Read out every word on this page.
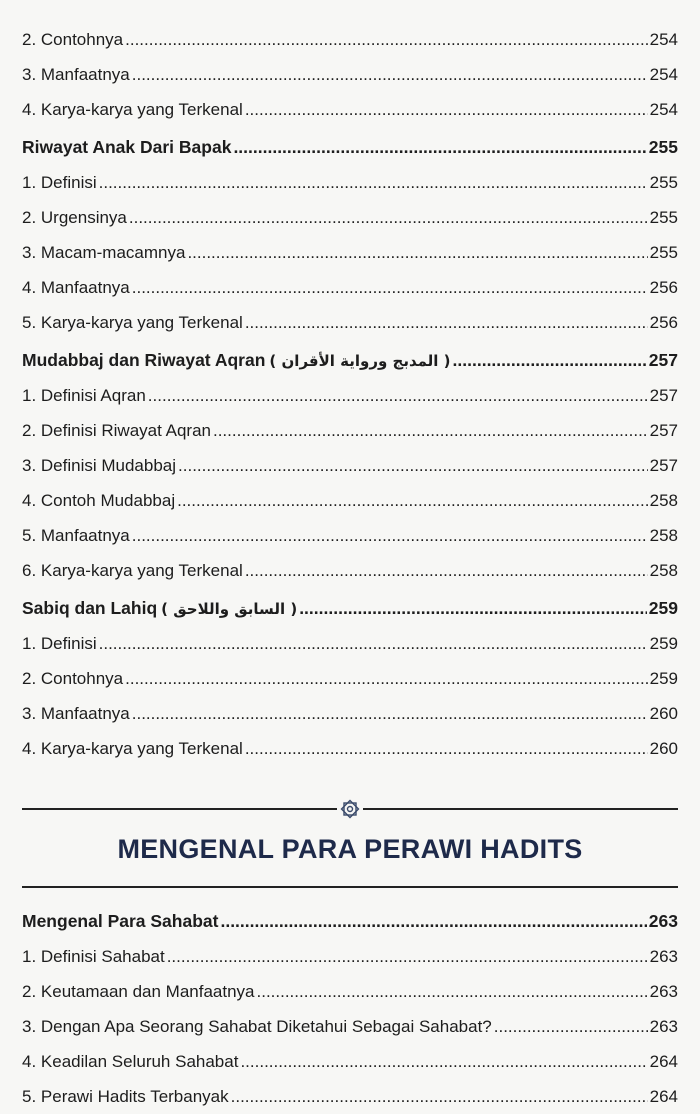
2. Contohnya .....	254
3. Manfaatnya .....	254
4. Karya-karya yang Terkenal .....	254
Riwayat Anak Dari Bapak .....	255
1. Definisi .....	255
2. Urgensinya .....	255
3. Macam-macamnya .....	255
4. Manfaatnya .....	256
5. Karya-karya yang Terkenal .....	256
Mudabbaj dan Riwayat Aqran ( المدبج ورواية الأقران ) .....	257
1. Definisi Aqran .....	257
2. Definisi Riwayat Aqran .....	257
3. Definisi Mudabbaj .....	257
4. Contoh Mudabbaj .....	258
5. Manfaatnya .....	258
6. Karya-karya yang Terkenal .....	258
Sabiq dan Lahiq ( السابق واللاحق ) .....	259
1. Definisi .....	259
2. Contohnya .....	259
3. Manfaatnya .....	260
4. Karya-karya yang Terkenal .....	260
MENGENAL PARA PERAWI HADITS
Mengenal Para Sahabat .....	263
1. Definisi Sahabat .....	263
2. Keutamaan dan Manfaatnya .....	263
3. Dengan Apa Seorang Sahabat Diketahui Sebagai Sahabat? .....	263
4. Keadilan Seluruh Sahabat .....	264
5. Perawi Hadits Terbanyak .....	264
